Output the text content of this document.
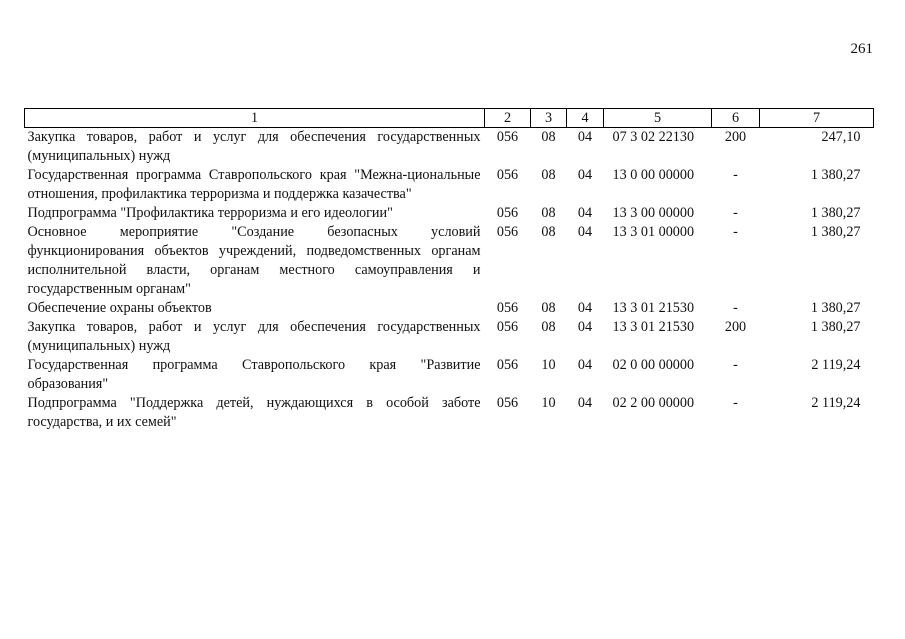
261
1	2	3	4	5	6	7
Закупка товаров, работ и услуг для обеспечения государственных (муниципальных) нужд	056	08	04	07 3 02 22130	200	247,10
Государственная программа Ставропольского края "Межна-циональные отношения, профилактика терроризма и поддержка казачества"	056	08	04	13 0 00 00000	-	1 380,27
Подпрограмма "Профилактика терроризма и его идеологии"	056	08	04	13 3 00 00000	-	1 380,27
Основное мероприятие "Создание безопасных условий функционирования объектов учреждений, подведомственных органам исполнительной власти, органам местного самоуправления и государственным органам"	056	08	04	13 3 01 00000	-	1 380,27
Обеспечение охраны объектов	056	08	04	13 3 01 21530	-	1 380,27
Закупка товаров, работ и услуг для обеспечения государственных (муниципальных) нужд	056	08	04	13 3 01 21530	200	1 380,27
Государственная программа Ставропольского края "Развитие образования"	056	10	04	02 0 00 00000	-	2 119,24
Подпрограмма "Поддержка детей, нуждающихся в особой заботе государства, и их семей"	056	10	04	02 2 00 00000	-	2 119,24
